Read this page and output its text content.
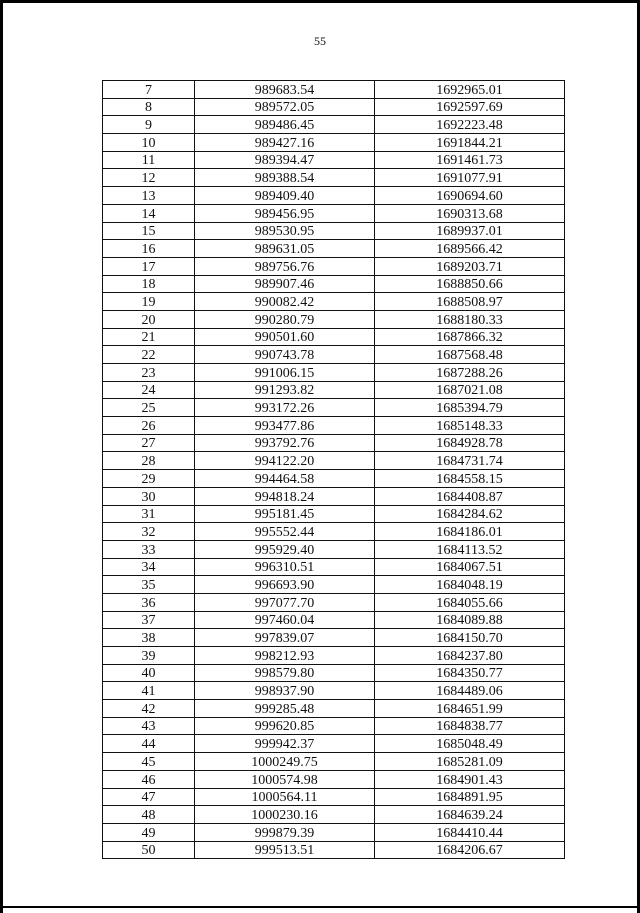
55
7	989683.54	1692965.01
8	989572.05	1692597.69
9	989486.45	1692223.48
10	989427.16	1691844.21
11	989394.47	1691461.73
12	989388.54	1691077.91
13	989409.40	1690694.60
14	989456.95	1690313.68
15	989530.95	1689937.01
16	989631.05	1689566.42
17	989756.76	1689203.71
18	989907.46	1688850.66
19	990082.42	1688508.97
20	990280.79	1688180.33
21	990501.60	1687866.32
22	990743.78	1687568.48
23	991006.15	1687288.26
24	991293.82	1687021.08
25	993172.26	1685394.79
26	993477.86	1685148.33
27	993792.76	1684928.78
28	994122.20	1684731.74
29	994464.58	1684558.15
30	994818.24	1684408.87
31	995181.45	1684284.62
32	995552.44	1684186.01
33	995929.40	1684113.52
34	996310.51	1684067.51
35	996693.90	1684048.19
36	997077.70	1684055.66
37	997460.04	1684089.88
38	997839.07	1684150.70
39	998212.93	1684237.80
40	998579.80	1684350.77
41	998937.90	1684489.06
42	999285.48	1684651.99
43	999620.85	1684838.77
44	999942.37	1685048.49
45	1000249.75	1685281.09
46	1000574.98	1684901.43
47	1000564.11	1684891.95
48	1000230.16	1684639.24
49	999879.39	1684410.44
50	999513.51	1684206.67
